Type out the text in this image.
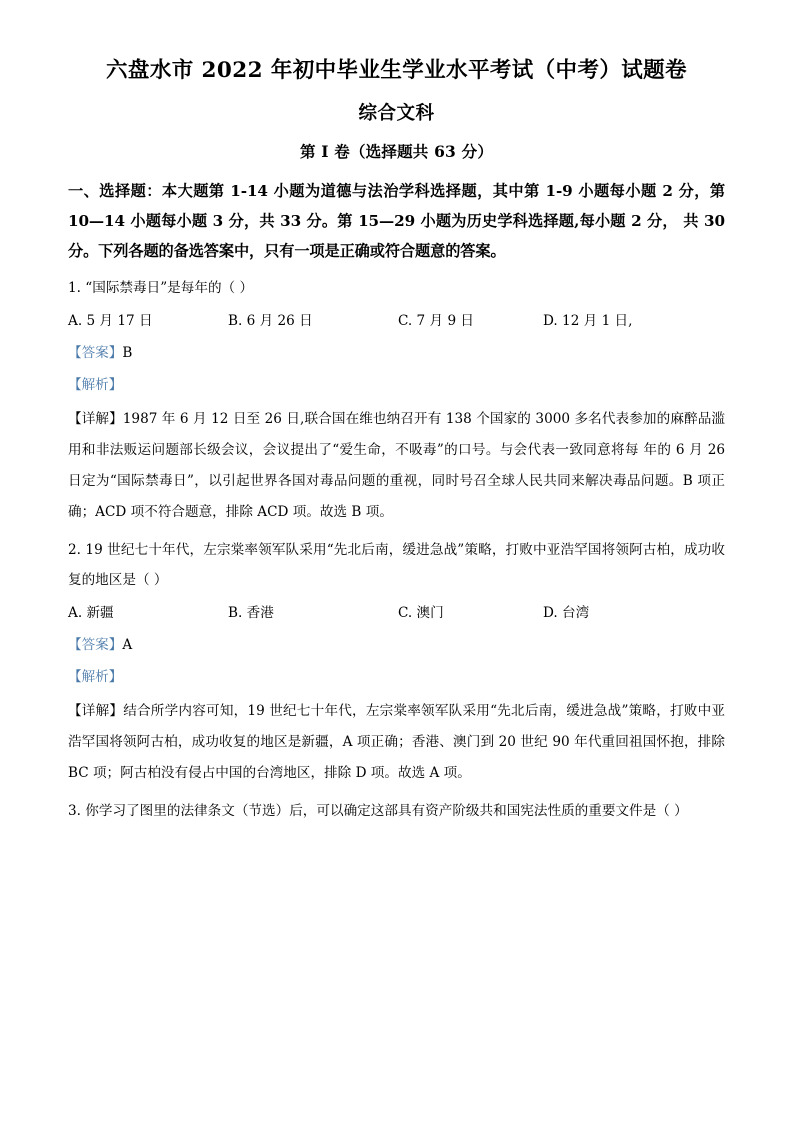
六盘水市 2022 年初中毕业生学业水平考试（中考）试题卷
综合文科
第 I 卷（选择题共 63 分）

一、选择题：本大题第 1-14 小题为道德与法治学科选择题，其中第 1-9 小题每小题 2 分，第 10—14 小题每小题 3 分，共 33 分。第 15—29 小题为历史学科选择题,每小题 2 分， 共 30 分。下列各题的备选答案中，只有一项是正确或符合题意的答案。

1. “国际禁毒日”是每年的（ ）

A. 5 月 17 日	B. 6 月 26 日	C. 7 月 9 日	D. 12 月 1 日,

【答案】B

【解析】

【详解】1987 年 6 月 12 日至 26 日,联合国在维也纳召开有 138 个国家的 3000 多名代表参加的麻醉品滥用和非法贩运问题部长级会议，会议提出了“爱生命，不吸毒”的口号。与会代表一致同意将每 年的 6 月 26 日定为“国际禁毒日”，以引起世界各国对毒品问题的重视，同时号召全球人民共同来解决毒品问题。B 项正确；ACD 项不符合题意，排除 ACD 项。故选 B 项。

2. 19 世纪七十年代，左宗棠率领军队采用“先北后南，缓进急战”策略，打败中亚浩罕国将领阿古柏，成功收复的地区是（ ）

A. 新疆	B. 香港	C. 澳门	D. 台湾

【答案】A

【解析】

【详解】结合所学内容可知，19 世纪七十年代，左宗棠率领军队采用“先北后南，缓进急战”策略，打败中亚浩罕国将领阿古柏，成功收复的地区是新疆，A 项正确；香港、澳门到 20 世纪 90 年代重回祖国怀抱，排除 BC 项；阿古柏没有侵占中国的台湾地区，排除 D 项。故选 A 项。

3. 你学习了图里的法律条文（节选）后，可以确定这部具有资产阶级共和国宪法性质的重要文件是（ ）
